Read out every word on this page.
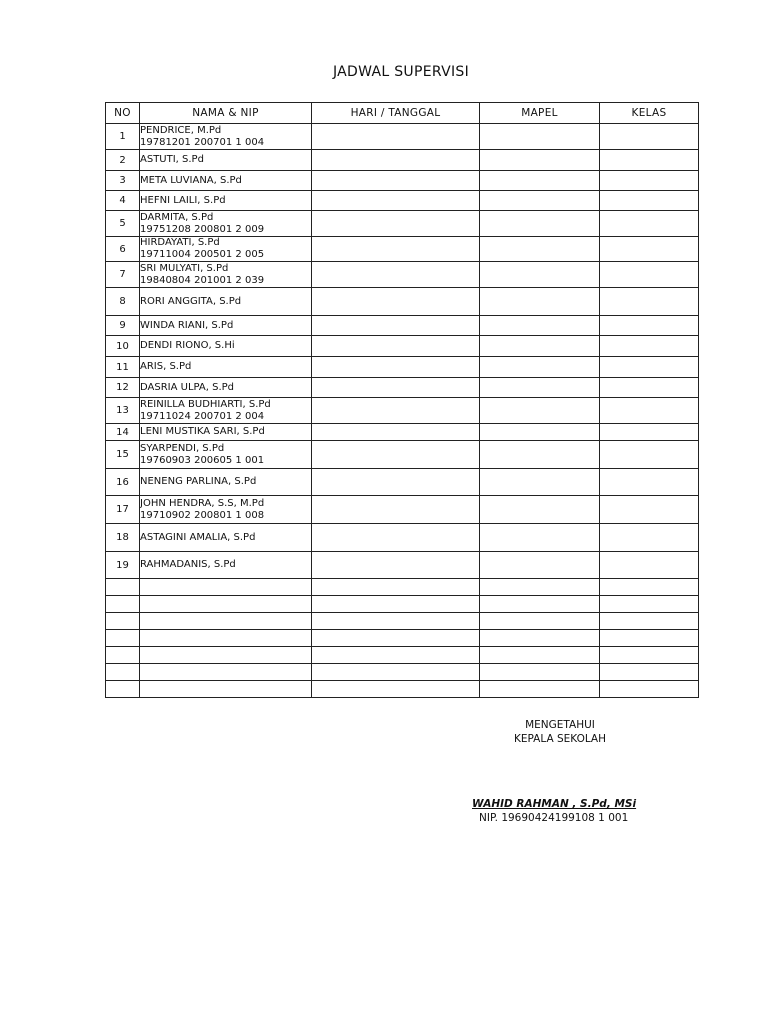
JADWAL SUPERVISI
NO	NAMA & NIP	HARI / TANGGAL	MAPEL	KELAS
1	PENDRICE, M.Pd
19781201 200701 1 004			

2	ASTUTI, S.Pd			

3	META LUVIANA, S.Pd			

4	HEFNI LAILI, S.Pd			

5	DARMITA, S.Pd
19751208 200801 2 009			

6	HIRDAYATI, S.Pd
19711004 200501 2 005			

7	SRI MULYATI, S.Pd
19840804 201001 2 039			

8	RORI ANGGITA, S.Pd			

9	WINDA RIANI, S.Pd			

10	DENDI RIONO, S.Hi			

11	ARIS, S.Pd			

12	DASRIA ULPA, S.Pd			

13	REINILLA BUDHIARTI, S.Pd
19711024 200701 2 004			

14	LENI MUSTIKA SARI, S.Pd			

15	SYARPENDI, S.Pd
19760903 200605 1 001			

16	NENENG PARLINA, S.Pd			

17	JOHN HENDRA, S.S, M.Pd
19710902 200801 1 008			

18	ASTAGINI AMALIA, S.Pd			

19	RAHMADANIS, S.Pd			

MENGETAHUI
KEPALA SEKOLAH
WAHID RAHMAN , S.Pd, MSi
NIP. 19690424199108 1 001
